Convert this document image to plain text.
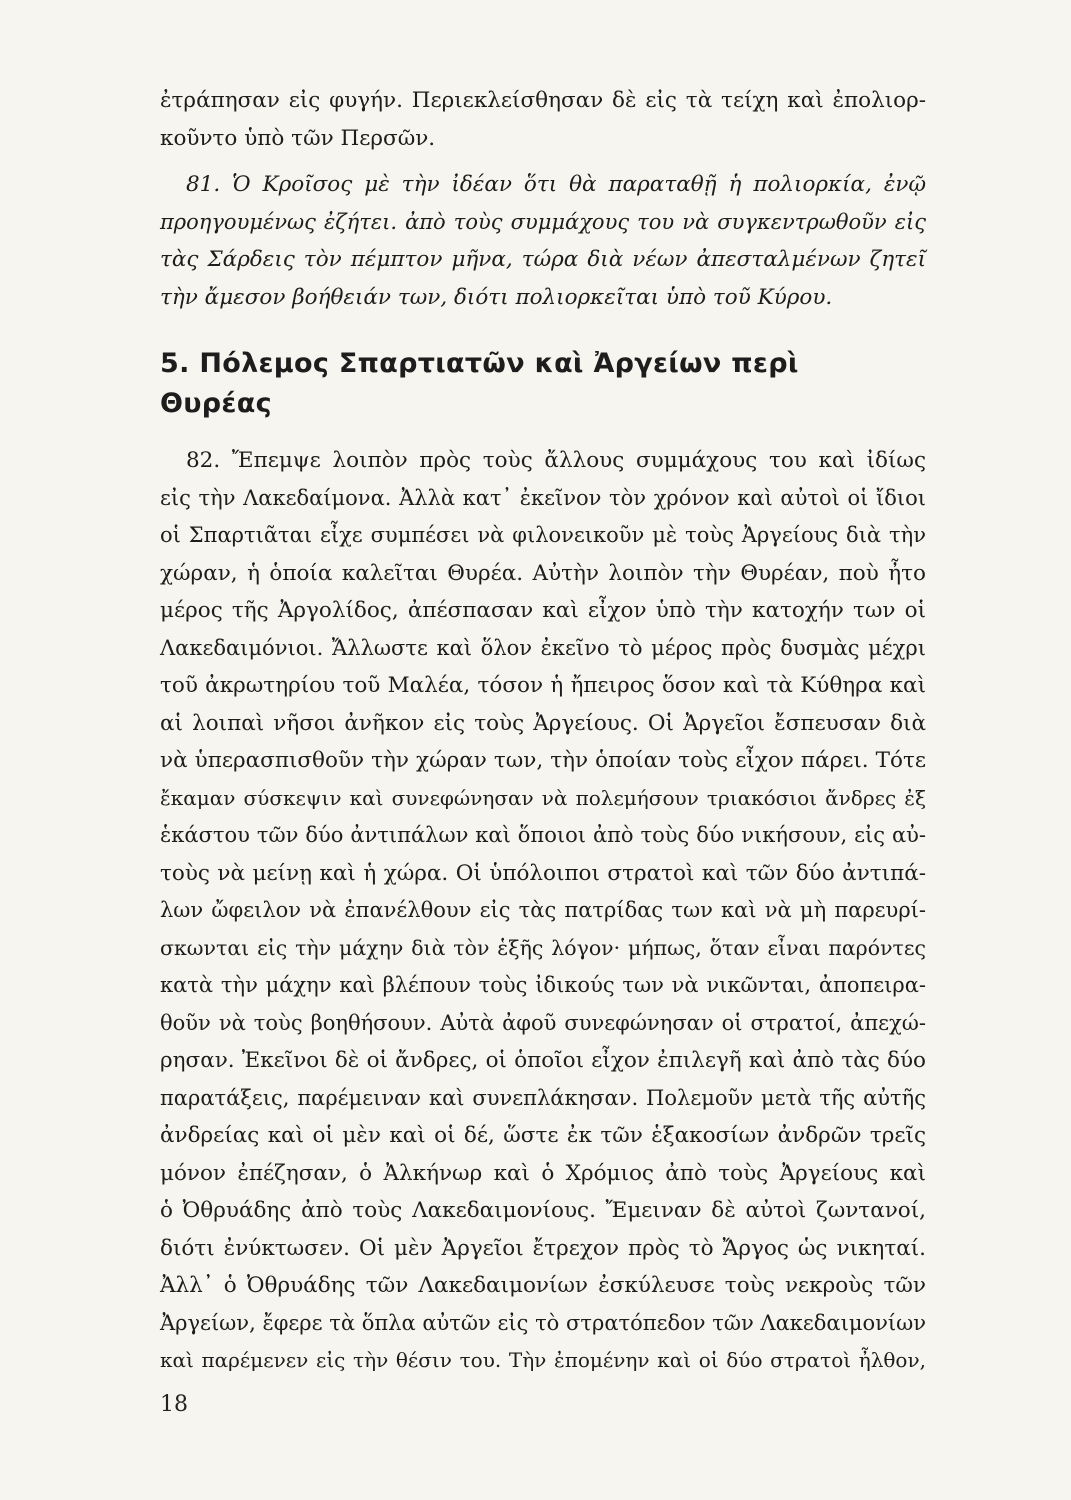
ἐτράπησαν εἰς φυγήν. Περιεκλείσθησαν δὲ εἰς τὰ τείχη καὶ ἐπολιορ-
κοῦντο ὑπὸ τῶν Περσῶν.
81. Ὁ Κροῖσος μὲ τὴν ἰδέαν ὅτι θὰ παραταθῇ ἡ πολιορκία, ἐνῷ
προηγουμένως ἐζήτει. ἀπὸ τοὺς συμμάχους του νὰ συγκεντρωθοῦν εἰς
τὰς Σάρδεις τὸν πέμπτον μῆνα, τώρα διὰ νέων ἀπεσταλμένων ζητεῖ
τὴν ἄμεσον βοήθειάν των, διότι πολιορκεῖται ὑπὸ τοῦ Κύρου.
5. Πόλεμος Σπαρτιατῶν καὶ Ἀργείων περὶ
Θυρέας
82. Ἔπεμψε λοιπὸν πρὸς τοὺς ἄλλους συμμάχους του καὶ ἰδίως
εἰς τὴν Λακεδαίμονα. Ἀλλὰ κατ᾽ ἐκεῖνον τὸν χρόνον καὶ αὐτοὶ οἱ ἴδιοι
οἱ Σπαρτιᾶται εἶχε συμπέσει νὰ φιλονεικοῦν μὲ τοὺς Ἀργείους διὰ τὴν
χώραν, ἡ ὁποία καλεῖται Θυρέα. Αὐτὴν λοιπὸν τὴν Θυρέαν, ποὺ ἦτο
μέρος τῆς Ἀργολίδος, ἀπέσπασαν καὶ εἶχον ὑπὸ τὴν κατοχήν των οἱ
Λακεδαιμόνιοι. Ἄλλωστε καὶ ὅλον ἐκεῖνο τὸ μέρος πρὸς δυσμὰς μέχρι
τοῦ ἀκρωτηρίου τοῦ Μαλέα, τόσον ἡ ἤπειρος ὅσον καὶ τὰ Κύθηρα καὶ
αἱ λοιπαὶ νῆσοι ἀνῆκον εἰς τοὺς Ἀργείους. Οἱ Ἀργεῖοι ἔσπευσαν διὰ
νὰ ὑπερασπισθοῦν τὴν χώραν των, τὴν ὁποίαν τοὺς εἶχον πάρει. Τότε
ἔκαμαν σύσκεψιν καὶ συνεφώνησαν νὰ πολεμήσουν τριακόσιοι ἄνδρες ἐξ
ἑκάστου τῶν δύο ἀντιπάλων καὶ ὅποιοι ἀπὸ τοὺς δύο νικήσουν, εἰς αὐ-
τοὺς νὰ μείνῃ καὶ ἡ χώρα. Οἱ ὑπόλοιποι στρατοὶ καὶ τῶν δύο ἀντιπά-
λων ὤφειλον νὰ ἐπανέλθουν εἰς τὰς πατρίδας των καὶ νὰ μὴ παρευρί-
σκωνται εἰς τὴν μάχην διὰ τὸν ἑξῆς λόγον· μήπως, ὅταν εἶναι παρόντες
κατὰ τὴν μάχην καὶ βλέπουν τοὺς ἰδικούς των νὰ νικῶνται, ἀποπειρα-
θοῦν νὰ τοὺς βοηθήσουν. Αὐτὰ ἀφοῦ συνεφώνησαν οἱ στρατοί, ἀπεχώ-
ρησαν. Ἐκεῖνοι δὲ οἱ ἄνδρες, οἱ ὁποῖοι εἶχον ἐπιλεγῆ καὶ ἀπὸ τὰς δύο
παρατάξεις, παρέμειναν καὶ συνεπλάκησαν. Πολεμοῦν μετὰ τῆς αὐτῆς
ἀνδρείας καὶ οἱ μὲν καὶ οἱ δέ, ὥστε ἐκ τῶν ἑξακοσίων ἀνδρῶν τρεῖς
μόνον ἐπέζησαν, ὁ Ἀλκήνωρ καὶ ὁ Χρόμιος ἀπὸ τοὺς Ἀργείους καὶ
ὁ Ὀθρυάδης ἀπὸ τοὺς Λακεδαιμονίους. Ἔμειναν δὲ αὐτοὶ ζωντανοί,
διότι ἐνύκτωσεν. Οἱ μὲν Ἀργεῖοι ἔτρεχον πρὸς τὸ Ἄργος ὡς νικηταί.
Ἀλλ᾽ ὁ Ὀθρυάδης τῶν Λακεδαιμονίων ἐσκύλευσε τοὺς νεκροὺς τῶν
Ἀργείων, ἔφερε τὰ ὅπλα αὐτῶν εἰς τὸ στρατόπεδον τῶν Λακεδαιμονίων
καὶ παρέμενεν εἰς τὴν θέσιν του. Τὴν ἐπομένην καὶ οἱ δύο στρατοὶ ἦλθον,
18
